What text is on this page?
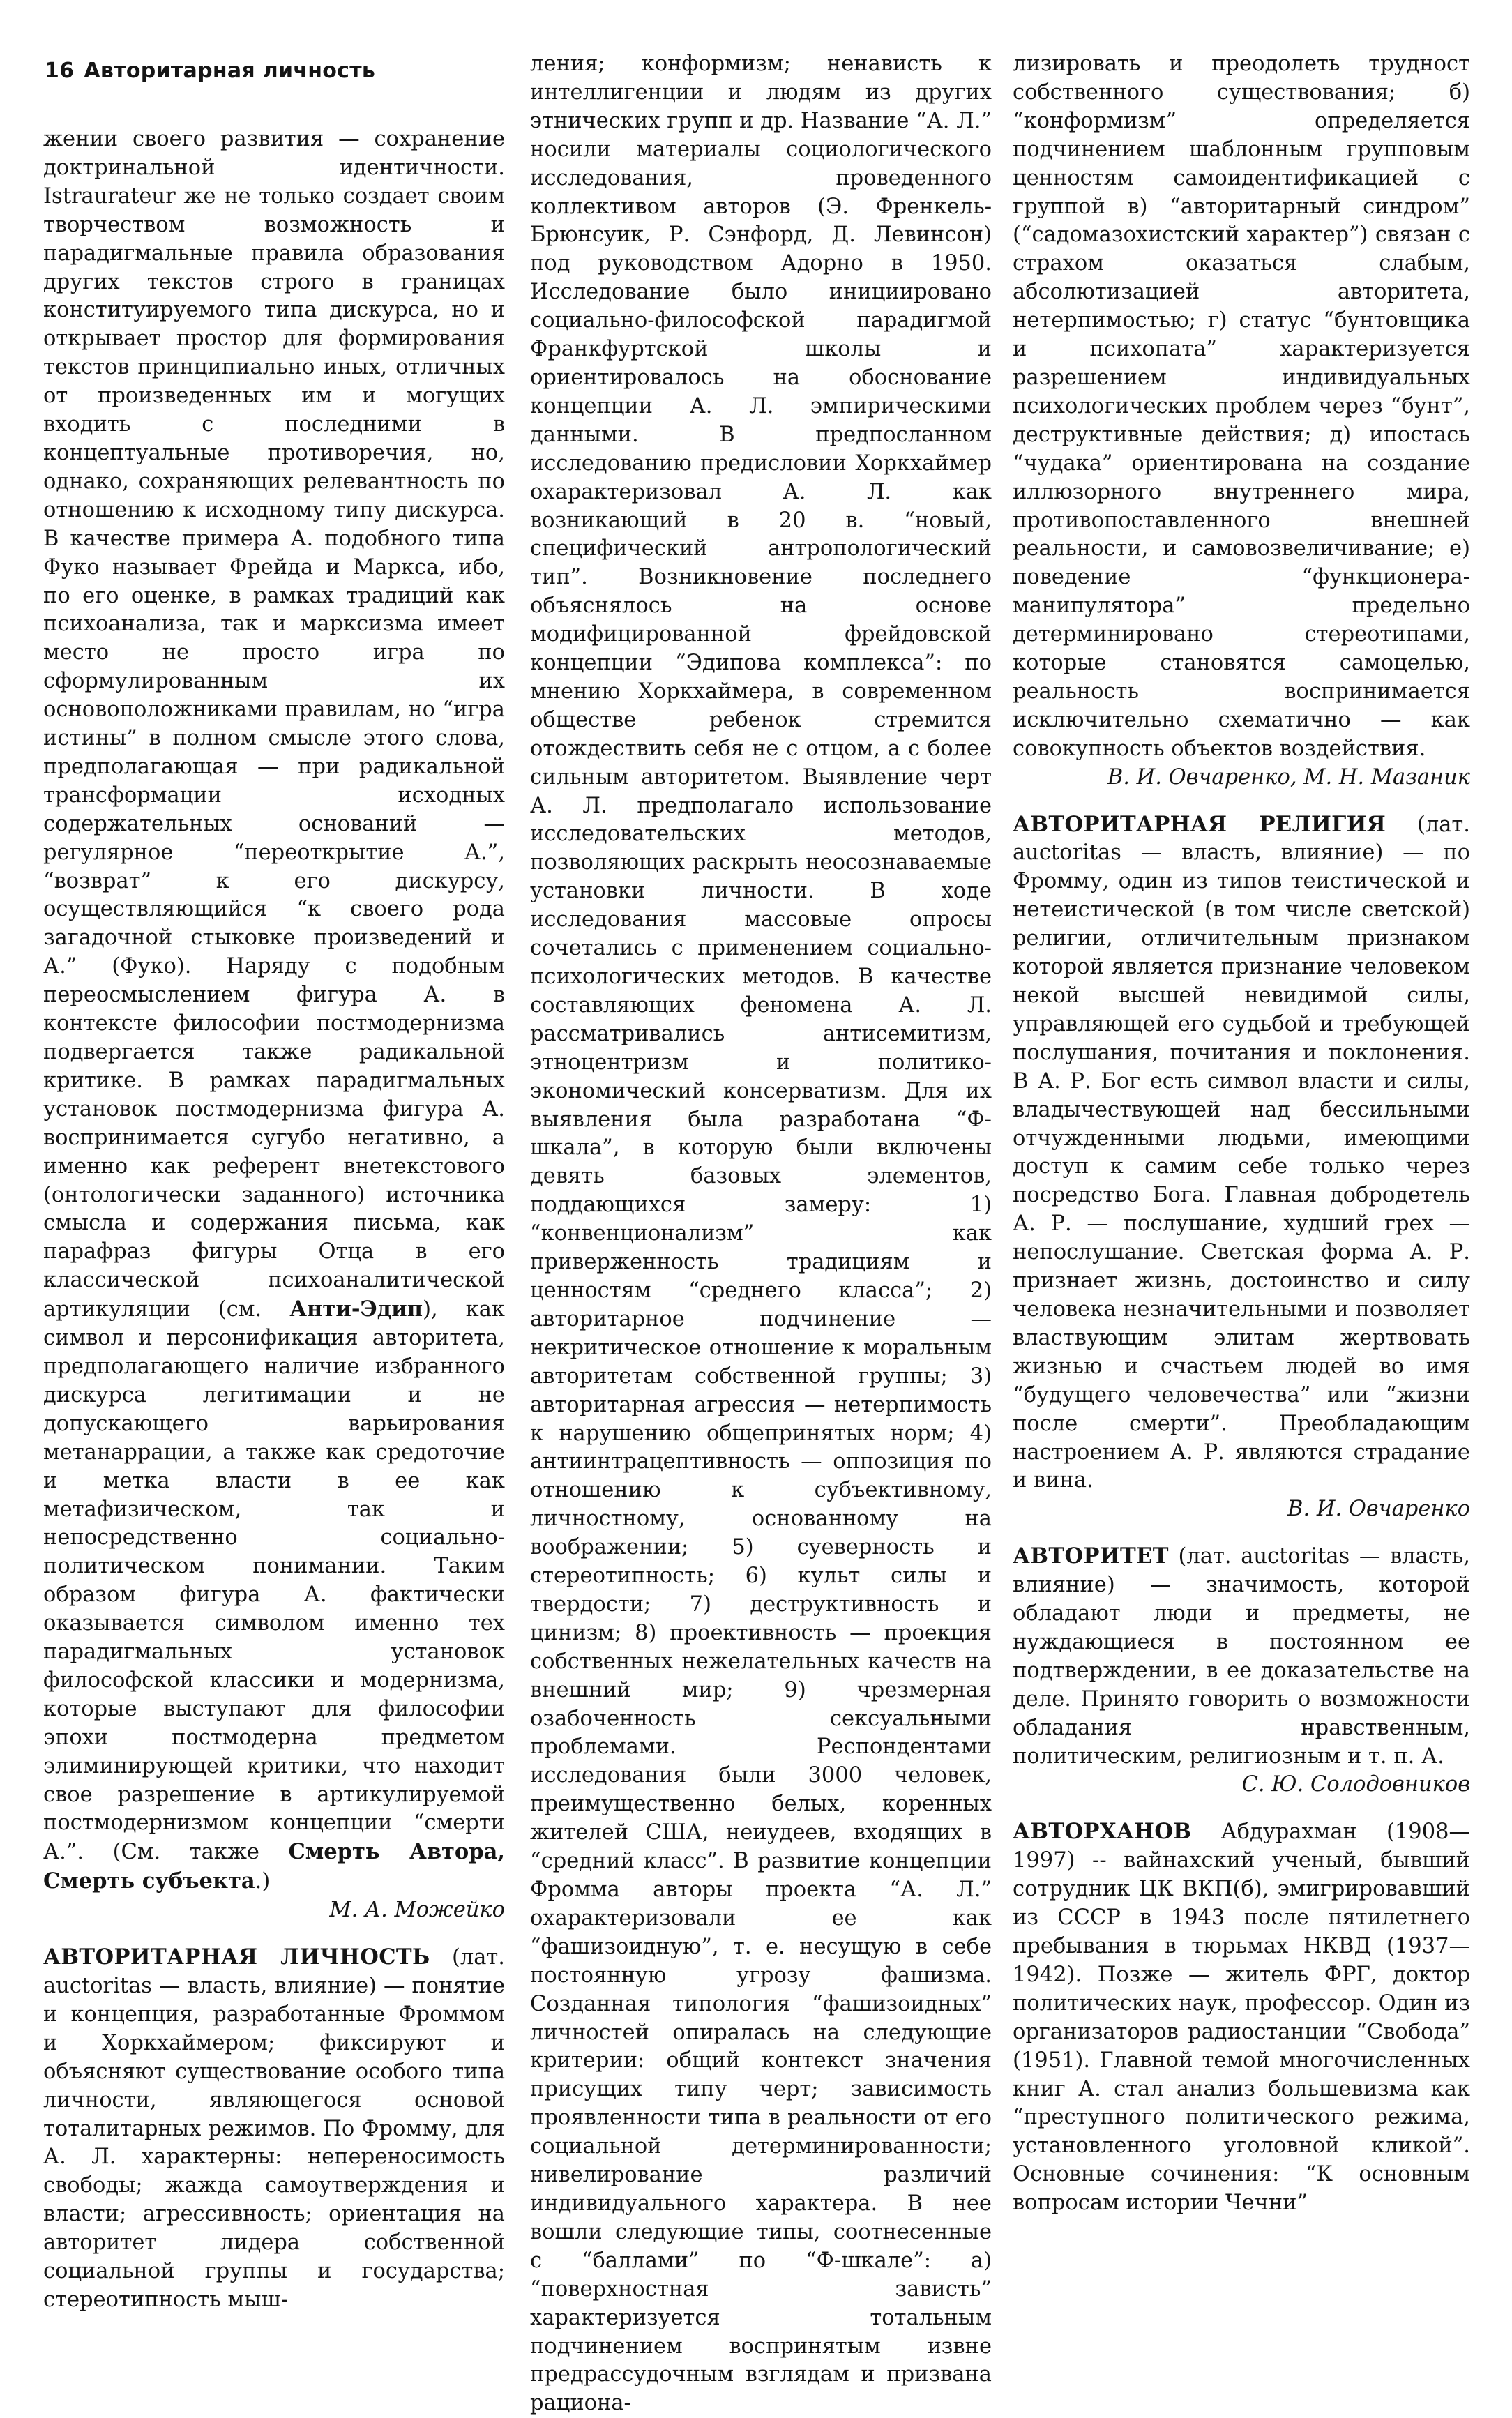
16 Авторитарная личность

жении своего развития — сохранение доктринальной идентичности. Istraurateur же не только создает своим творчеством возможность и парадигмальные правила образования других текстов строго в границах конституируемого типа дискурса, но и открывает простор для формирования текстов принципиально иных, отличных от произведенных им и могущих входить с последними в концептуальные противоречия, но, однако, сохраняющих релевантность по отношению к исходному типу дискурса. В качестве примера А. подобного типа Фуко называет Фрейда и Маркса, ибо, по его оценке, в рамках традиций как психоанализа, так и марксизма имеет место не просто игра по сформулированным их основоположниками правилам, но “игра истины” в полном смысле этого слова, предполагающая — при радикальной трансформации исходных содержательных оснований — регулярное “переоткрытие А.”, “возврат” к его дискурсу, осуществляющийся “к своего рода загадочной стыковке произведений и А.” (Фуко). Наряду с подобным переосмыслением фигура А. в контексте философии постмодернизма подвергается также радикальной критике. В рамках парадигмальных установок постмодернизма фигура А. воспринимается сугубо негативно, а именно как референт внетекстового (онтологически заданного) источника смысла и содержания письма, как парафраз фигуры Отца в его классической психоаналитической артикуляции (см. Анти-Эдип), как символ и персонификация авторитета, предполагающего наличие избранного дискурса легитимации и не допускающего варьирования метанаррации, а также как средоточие и метка власти в ее как метафизическом, так и непосредственно социально-политическом понимании. Таким образом фигура А. фактически оказывается символом именно тех парадигмальных установок философской классики и модернизма, которые выступают для философии эпохи постмодерна предметом элиминирующей критики, что находит свое разрешение в артикулируемой постмодернизмом концепции “смерти А.”. (См. также Смерть Автора, Смерть субъекта.)

М. А. Можейко

АВТОРИТАРНАЯ ЛИЧНОСТЬ (лат. auctoritas — власть, влияние) — понятие и концепция, разработанные Фроммом и Хоркхаймером; фиксируют и объясняют существование особого типа личности, являющегося основой тоталитарных режимов. По Фромму, для А. Л. характерны: непереносимость свободы; жажда самоутверждения и власти; агрессивность; ориентация на авторитет лидера собственной социальной группы и государства; стереотипность мыш-

ления; конформизм; ненависть к интеллигенции и людям из других этнических групп и др. Название “А. Л.” носили материалы социологического исследования, проведенного коллективом авторов (Э. Френкель-Брюнсуик, Р. Сэнфорд, Д. Левинсон) под руководством Адорно в 1950. Исследование было инициировано социально-философской парадигмой Франкфуртской школы и ориентировалось на обоснование концепции А. Л. эмпирическими данными. В предпосланном исследованию предисловии Хоркхаймер охарактеризовал А. Л. как возникающий в 20 в. “новый, специфический антропологический тип”. Возникновение последнего объяснялось на основе модифицированной фрейдовской концепции “Эдипова комплекса”: по мнению Хоркхаймера, в современном обществе ребенок стремится отождествить себя не с отцом, а с более сильным авторитетом. Выявление черт А. Л. предполагало использование исследовательских методов, позволяющих раскрыть неосознаваемые установки личности. В ходе исследования массовые опросы сочетались с применением социально-психологических методов. В качестве составляющих феномена А. Л. рассматривались антисемитизм, этноцентризм и политико-экономический консерватизм. Для их выявления была разработана “Ф-шкала”, в которую были включены девять базовых элементов, поддающихся замеру: 1) “конвенционализм” как приверженность традициям и ценностям “среднего класса”; 2) авторитарное подчинение — некритическое отношение к моральным авторитетам собственной группы; 3) авторитарная агрессия — нетерпимость к нарушению общепринятых норм; 4) антиинтрацептивность — оппозиция по отношению к субъективному, личностному, основанному на воображении; 5) суеверность и стереотипность; 6) культ силы и твердости; 7) деструктивность и цинизм; 8) проективность — проекция собственных нежелательных качеств на внешний мир; 9) чрезмерная озабоченность сексуальными проблемами. Респондентами исследования были 3000 человек, преимущественно белых, коренных жителей США, неиудеев, входящих в “средний класс”. В развитие концепции Фромма авторы проекта “А. Л.” охарактеризовали ее как “фашизоидную”, т. е. несущую в себе постоянную угрозу фашизма. Созданная типология “фашизоидных” личностей опиралась на следующие критерии: общий контекст значения присущих типу черт; зависимость проявленности типа в реальности от его социальной детерминированности; нивелирование различий индивидуального характера. В нее вошли следующие типы, соотнесенные с “баллами” по “Ф-шкале”: а) “поверхностная зависть” характеризуется тотальным подчинением воспринятым извне предрассудочным взглядам и призвана рациона-

лизировать и преодолеть трудност собственного существования; б) “конформизм” определяется подчинением шаблонным групповым ценностям самоидентификацией с группой в) “авторитарный синдром” (“садомазохистский характер”) связан с страхом оказаться слабым, абсолютизацией авторитета, нетерпимостью; г) статус “бунтовщика и психопата” характеризуется разрешением индивидуальных психологических проблем через “бунт”, деструктивные действия; д) ипостась “чудака” ориентирована на создание иллюзорного внутреннего мира, противопоставленного внешней реальности, и самовозвеличивание; е) поведение “функционера-манипулятора” предельно детерминировано стереотипами, которые становятся самоцелью, реальность воспринимается исключительно схематично — как совокупность объектов воздействия.

В. И. Овчаренко, М. Н. Мазаник

АВТОРИТАРНАЯ РЕЛИГИЯ (лат. auctoritas — власть, влияние) — по Фромму, один из типов теистической и нетеистической (в том числе светской) религии, отличительным признаком которой является признание человеком некой высшей невидимой силы, управляющей его судьбой и требующей послушания, почитания и поклонения. В А. Р. Бог есть символ власти и силы, владычествующей над бессильными отчужденными людьми, имеющими доступ к самим себе только через посредство Бога. Главная добродетель А. Р. — послушание, худший грех — непослушание. Светская форма А. Р. признает жизнь, достоинство и силу человека незначительными и позволяет властвующим элитам жертвовать жизнью и счастьем людей во имя “будущего человечества” или “жизни после смерти”. Преобладающим настроением А. Р. являются страдание и вина.

В. И. Овчаренко

АВТОРИТЕТ (лат. auctoritas — власть, влияние) — значимость, которой обладают люди и предметы, не нуждающиеся в постоянном ее подтверждении, в ее доказательстве на деле. Принято говорить о возможности обладания нравственным, политическим, религиозным и т. п. А.

С. Ю. Солодовников

АВТОРХАНОВ Абдурахман (1908—1997) -- вайнахский ученый, бывший сотрудник ЦК ВКП(б), эмигрировавший из СССР в 1943 после пятилетнего пребывания в тюрьмах НКВД (1937—1942). Позже — житель ФРГ, доктор политических наук, профессор. Один из организаторов радиостанции “Свобода” (1951). Главной темой многочисленных книг А. стал анализ большевизма как “преступного политического режима, установленного уголовной кликой”. Основные сочинения: “К основным вопросам истории Чечни”
